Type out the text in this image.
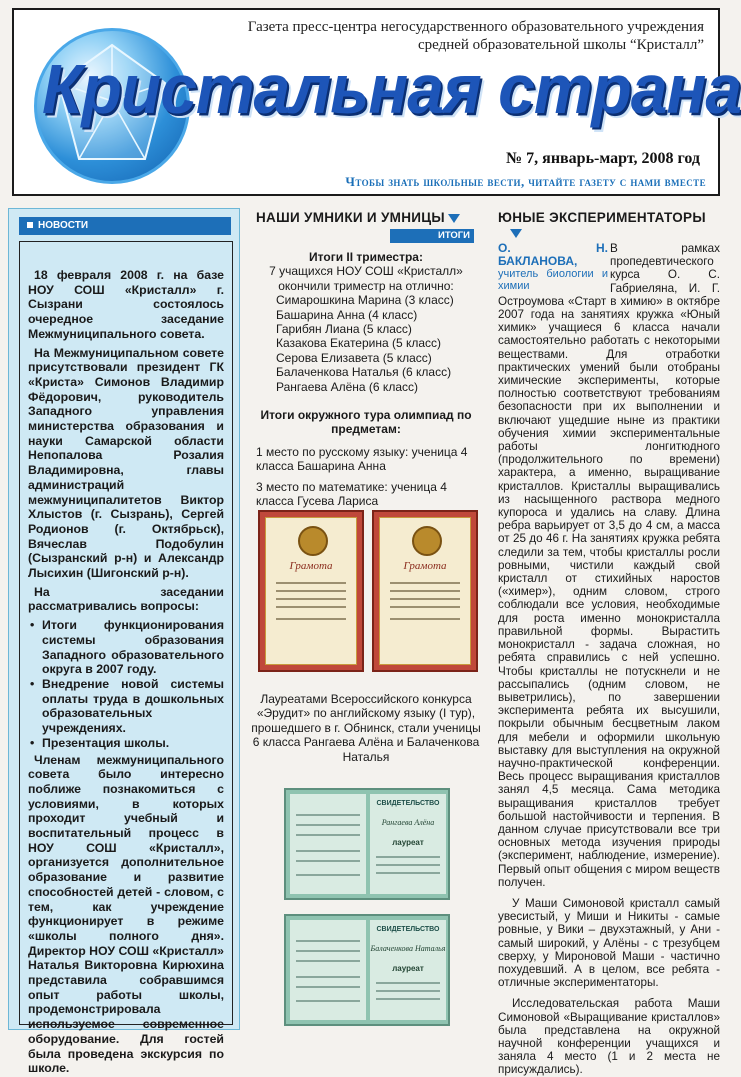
Газета пресс-центра негосударственного образовательного учреждения
средней образовательной школы “Кристалл”
Кристальная страна
№ 7, январь-март, 2008 год
Чтобы знать школьные вести, читайте газету с нами вместе
НОВОСТИ

18 февраля 2008 г. на базе НОУ СОШ «Кристалл» г. Сызрани состоялось очередное заседание Межмуниципального совета.

На Межмуниципальном совете присутствовали президент ГК «Криста» Симонов Владимир Фёдорович, руководитель Западного управления министерства образования и науки Самарской области Непопалова Розалия Владимировна, главы администраций межмуниципалитетов Виктор Хлыстов (г. Сызрань), Сергей Родионов (г. Октябрьск), Вячеслав Подобулин (Сызранский р-н) и Александр Лысихин (Шигонский р-н).

На заседании рассматривались вопросы:

• Итоги функционирования системы образования Западного образовательного округа в 2007 году.
• Внедрение новой системы оплаты труда в дошкольных образовательных учреждениях.
• Презентация школы.

Членам межмуниципального совета было интересно поближе познакомиться с условиями, в которых проходит учебный и воспитательный процесс в НОУ СОШ «Кристалл», организуется дополнительное образование и развитие способностей детей - словом, с тем, как учреждение функционирует в режиме «школы полного дня». Директор НОУ СОШ «Кристалл» Наталья Викторовна Кирюхина представила собравшимся опыт работы школы, продемонстрировала используемое современное оборудование. Для гостей была проведена экскурсия по школе.

НАШИ УМНИКИ И УМНИЦЫ
ИТОГИ
Итоги II триместра:
7 учащихся НОУ СОШ «Кристалл» окончили триместр на отлично:
Симарошкина Марина (3 класс)
Башарина Анна (4 класс)
Гарибян Лиана (5 класс)
Казакова Екатерина (5 класс)
Серова Елизавета (5 класс)
Балаченкова Наталья (6 класс)
Рангаева Алёна (6 класс)
Итоги окружного тура олимпиад по предметам:
1 место по русскому языку: ученица 4 класса Башарина Анна
3 место по математике: ученица 4 класса Гусева Лариса
Грамота	Грамота
Лауреатами Всероссийского конкурса «Эрудит» по английскому языку (I тур), прошедшего в г. Обнинск, стали ученицы 6 класса Рангаева Алёна и Балаченкова Наталья
СВИДЕТЕЛЬСТВО
Рангаева Алёна
лауреат
СВИДЕТЕЛЬСТВО
Балаченкова Наталья
лауреат
ЮНЫЕ ЭКСПЕРИМЕНТАТОРЫ
О. Н. БАКЛАНОВА,
учитель биологии и химии

В рамках пропедевтического курса О. С. Габриеляна, И. Г. Остроумова «Старт в химию» в октябре 2007 года на занятиях кружка «Юный химик» учащиеся 6 класса начали самостоятельно работать с некоторыми веществами. Для отработки практических умений были отобраны химические эксперименты, которые полностью соответствуют требованиям безопасности при их выполнении и включают ущедшие ныне из практики обучения химии экспериментальные работы лонгитюдного (продолжительного по времени) характера, а именно, выращивание кристаллов. Кристаллы выращивались из насыщенного раствора медного купороса и удались на славу. Длина ребра варьирует от 3,5 до 4 см, а масса от 25 до 46 г. На занятиях кружка ребята следили за тем, чтобы кристаллы росли ровными, чистили каждый свой кристалл от стихийных наростов («химер»), одним словом, строго соблюдали все условия, необходимые для роста именно монокристалла правильной формы. Вырастить монокристалл - задача сложная, но ребята справились с ней успешно. Чтобы кристаллы не потускнели и не рассыпались (одним словом, не выветрились), по завершении эксперимента ребята их высушили, покрыли обычным бесцветным лаком для мебели и оформили школьную выставку для выступления на окружной научно-практической конференции. Весь процесс выращивания кристаллов занял 4,5 месяца. Сама методика выращивания кристаллов требует большой настойчивости и терпения. В данном случае присутствовали все три основных метода изучения природы (эксперимент, наблюдение, измерение). Первый опыт общения с миром веществ получен.

У Маши Симоновой кристалл самый увесистый, у Миши и Никиты - самые ровные, у Вики – двухэтажный, у Ани - самый широкий, у Алёны - с трезубцем сверху, у Мироновой Маши - частично похудевший. А в целом, все ребята - отличные экспериментаторы.

Исследовательская работа Маши Симоновой «Выращивание кристаллов» была представлена на окружной научной конференции учащихся и заняла 4 место (1 и 2 места не присуждались).
